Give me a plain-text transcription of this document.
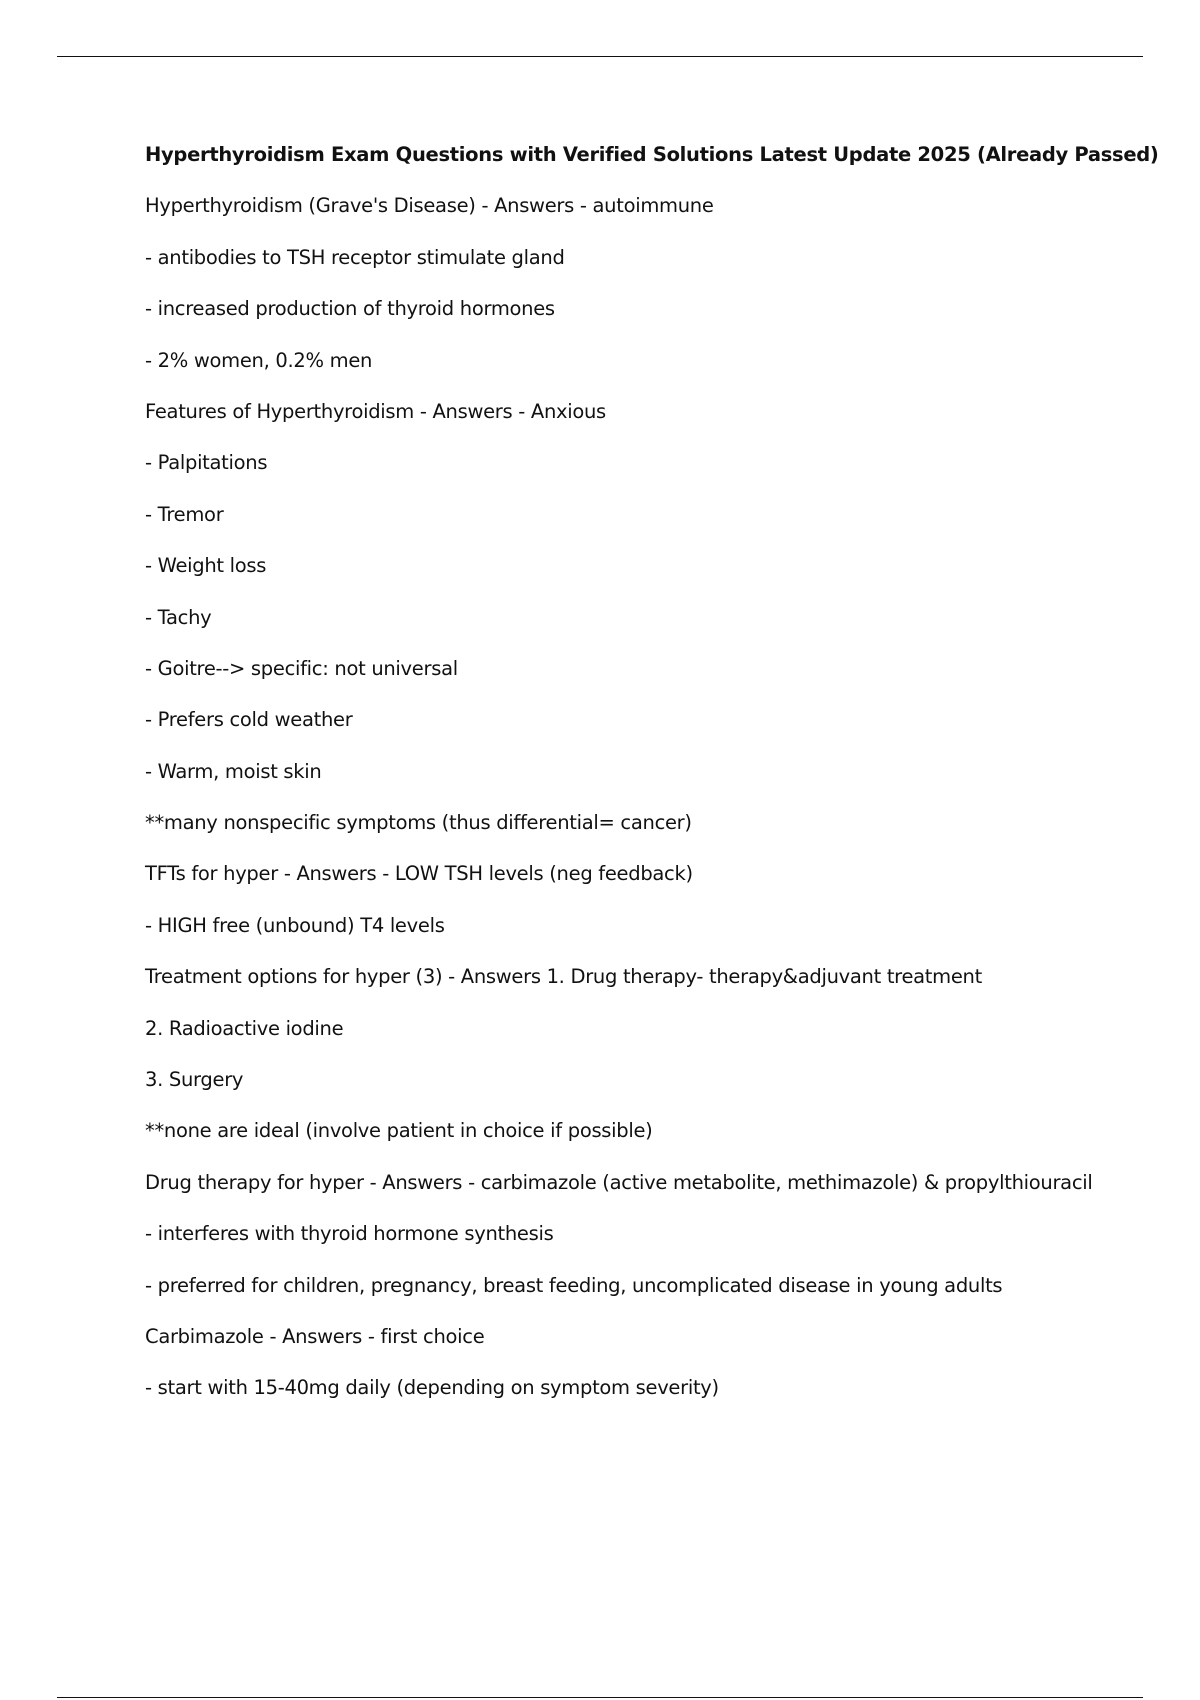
Hyperthyroidism Exam Questions with Verified Solutions Latest Update 2025 (Already Passed)
Hyperthyroidism (Grave's Disease) - Answers - autoimmune
- antibodies to TSH receptor stimulate gland
- increased production of thyroid hormones
- 2% women, 0.2% men
Features of Hyperthyroidism - Answers - Anxious
- Palpitations
- Tremor
- Weight loss
- Tachy
- Goitre--> specific: not universal
- Prefers cold weather
- Warm, moist skin
**many nonspecific symptoms (thus differential= cancer)
TFTs for hyper - Answers - LOW TSH levels (neg feedback)
- HIGH free (unbound) T4 levels
Treatment options for hyper (3) - Answers 1. Drug therapy- therapy&adjuvant treatment
2. Radioactive iodine
3. Surgery
**none are ideal (involve patient in choice if possible)
Drug therapy for hyper - Answers - carbimazole (active metabolite, methimazole) & propylthiouracil
- interferes with thyroid hormone synthesis
- preferred for children, pregnancy, breast feeding, uncomplicated disease in young adults
Carbimazole - Answers - first choice
- start with 15-40mg daily (depending on symptom severity)
